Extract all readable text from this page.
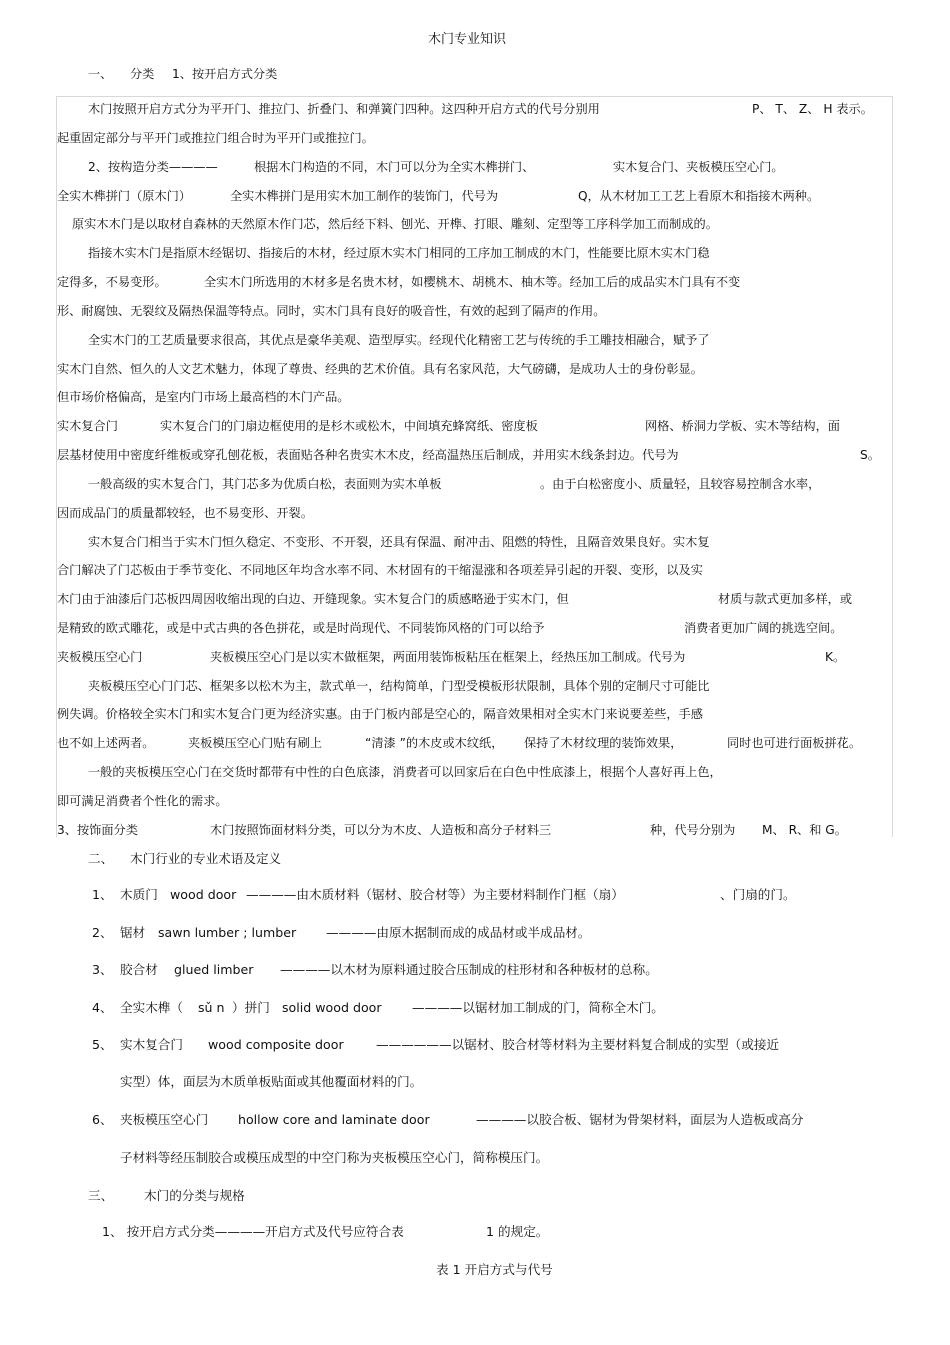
木门专业知识
一、 分类 1、按开启方式分类
木门按照开启方式分为平开门、推拉门、折叠门、和弹簧门四种。这四种开启方式的代号分别用	P、 T、 Z、 H 表示。
起重固定部分与平开门或推拉门组合时为平开门或推拉门。
2、按构造分类————	根据木门构造的不同，木门可以分为全实木榫拼门、	实木复合门、夹板模压空心门。
全实木榫拼门（原木门）	全实木榫拼门是用实木加工制作的装饰门，代号为	Q，从木材加工工艺上看原木和指接木两种。
原实木木门是以取材自森林的天然原木作门芯，然后经下料、刨光、开榫、打眼、雕刻、定型等工序科学加工而制成的。
指接木实木门是指原木经锯切、指接后的木材，经过原木实木门相同的工序加工制成的木门，性能要比原木实木门稳
定得多，不易变形。	全实木门所选用的木材多是名贵木材，如樱桃木、胡桃木、柚木等。经加工后的成品实木门具有不变
形、耐腐蚀、无裂纹及隔热保温等特点。同时，实木门具有良好的吸音性，有效的起到了隔声的作用。
全实木门的工艺质量要求很高，其优点是豪华美观、造型厚实。经现代化精密工艺与传统的手工雕技相融合，赋予了
实木门自然、恒久的人文艺术魅力，体现了尊贵、经典的艺术价值。具有名家风范，大气磅礴，是成功人士的身份彰显。
但市场价格偏高，是室内门市场上最高档的木门产品。
实木复合门	实木复合门的门扇边框使用的是杉木或松木，中间填充蜂窝纸、密度板	网格、桥洞力学板、实木等结构，面
层基材使用中密度纤维板或穿孔刨花板，表面贴各种名贵实木木皮，经高温热压后制成，并用实木线条封边。代号为	S。
一般高级的实木复合门，其门芯多为优质白松，表面则为实木单板	。由于白松密度小、质量轻，且较容易控制含水率，
因而成品门的质量都较轻，也不易变形、开裂。
实木复合门相当于实木门恒久稳定、不变形、不开裂，还具有保温、耐冲击、阻燃的特性，且隔音效果良好。实木复
合门解决了门芯板由于季节变化、不同地区年均含水率不同、木材固有的干缩湿涨和各项差异引起的开裂、变形，以及实
木门由于油漆后门芯板四周因收缩出现的白边、开缝现象。实木复合门的质感略逊于实木门，但	材质与款式更加多样，或
是精致的欧式雕花，或是中式古典的各色拼花，或是时尚现代、不同装饰风格的门可以给予	消费者更加广阔的挑选空间。
夹板模压空心门	夹板模压空心门是以实木做框架，两面用装饰板粘压在框架上，经热压加工制成。代号为	K。
夹板模压空心门门芯、框架多以松木为主，款式单一，结构简单，门型受模板形状限制，具体个别的定制尺寸可能比
例失调。价格较全实木门和实木复合门更为经济实惠。由于门板内部是空心的，隔音效果相对全实木门来说要差些，手感
也不如上述两者。	夹板模压空心门贴有刷上	“清漆 ”的木皮或木纹纸， 保持了木材纹理的装饰效果，	同时也可进行面板拼花。
一般的夹板模压空心门在交货时都带有中性的白色底漆，消费者可以回家后在白色中性底漆上，根据个人喜好再上色，
即可满足消费者个性化的需求。
3、按饰面分类	木门按照饰面材料分类，可以分为木皮、人造板和高分子材料三	种，代号分别为 M、 R、和 G。
二、 木门行业的专业术语及定义
1、 木质门 wood door ————由木质材料（锯材、胶合材等）为主要材料制作门框（扇）	、门扇的门。
2、 锯材 sawn lumber ; lumber ————由原木据制而成的成品材或半成品材。
3、 胶合材 glued limber ————以木材为原料通过胶合压制成的柱形材和各种板材的总称。
4、 全实木榫（ sǔ n ）拼门 solid wood door ————以锯材加工制成的门，简称全木门。
5、 实木复合门 wood composite door	——————以锯材、胶合材等材料为主要材料复合制成的实型（或接近
实型）体，面层为木质单板贴面或其他覆面材料的门。
6、 夹板模压空心门 hollow core and laminate door	————以胶合板、锯材为骨架材料，面层为人造板或高分
子材料等经压制胶合或模压成型的中空门称为夹板模压空心门，简称模压门。
三、 木门的分类与规格
1、 按开启方式分类————开启方式及代号应符合表	1 的规定。
表 1 开启方式与代号
